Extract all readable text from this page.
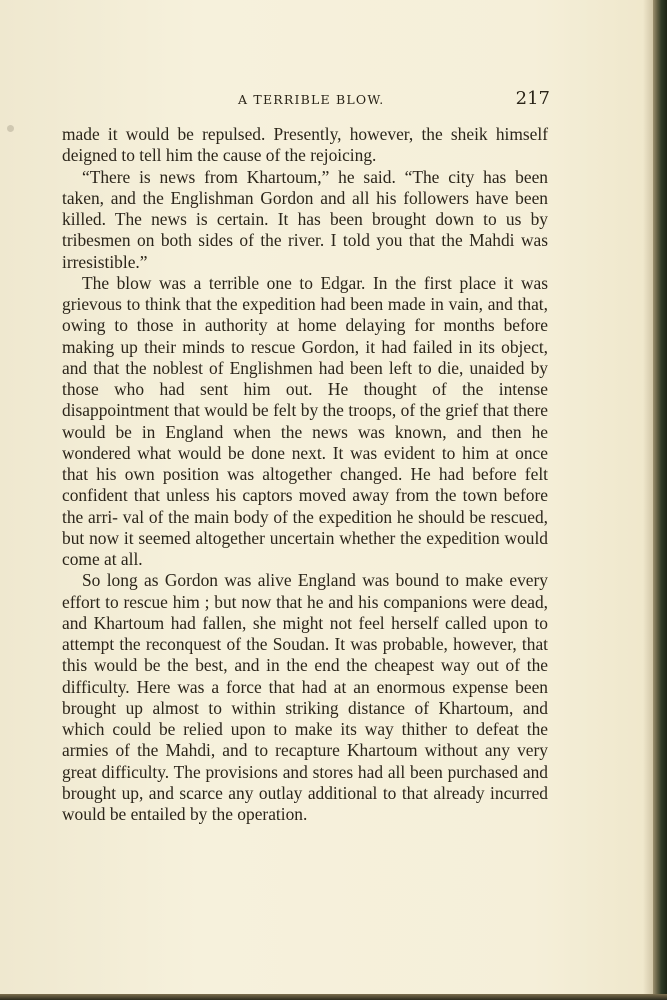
A TERRIBLE BLOW.	217

made it would be repulsed. Presently, however, the sheik himself deigned to tell him the cause of the rejoicing.

“There is news from Khartoum,” he said. “The city has been taken, and the Englishman Gordon and all his followers have been killed. The news is certain. It has been brought down to us by tribesmen on both sides of the river. I told you that the Mahdi was irresistible.”

The blow was a terrible one to Edgar. In the first place it was grievous to think that the expedition had been made in vain, and that, owing to those in authority at home delaying for months before making up their minds to rescue Gordon, it had failed in its object, and that the noblest of Englishmen had been left to die, unaided by those who had sent him out. He thought of the intense disappointment that would be felt by the troops, of the grief that there would be in England when the news was known, and then he wondered what would be done next. It was evident to him at once that his own position was altogether changed. He had before felt confident that unless his captors moved away from the town before the arri- val of the main body of the expedition he should be rescued, but now it seemed altogether uncertain whether the expedition would come at all.

So long as Gordon was alive England was bound to make every effort to rescue him ; but now that he and his companions were dead, and Khartoum had fallen, she might not feel herself called upon to attempt the reconquest of the Soudan. It was probable, however, that this would be the best, and in the end the cheapest way out of the difficulty. Here was a force that had at an enormous expense been brought up almost to within striking distance of Khartoum, and which could be relied upon to make its way thither to defeat the armies of the Mahdi, and to recapture Khartoum without any very great difficulty. The provisions and stores had all been purchased and brought up, and scarce any outlay additional to that already incurred would be entailed by the operation.
